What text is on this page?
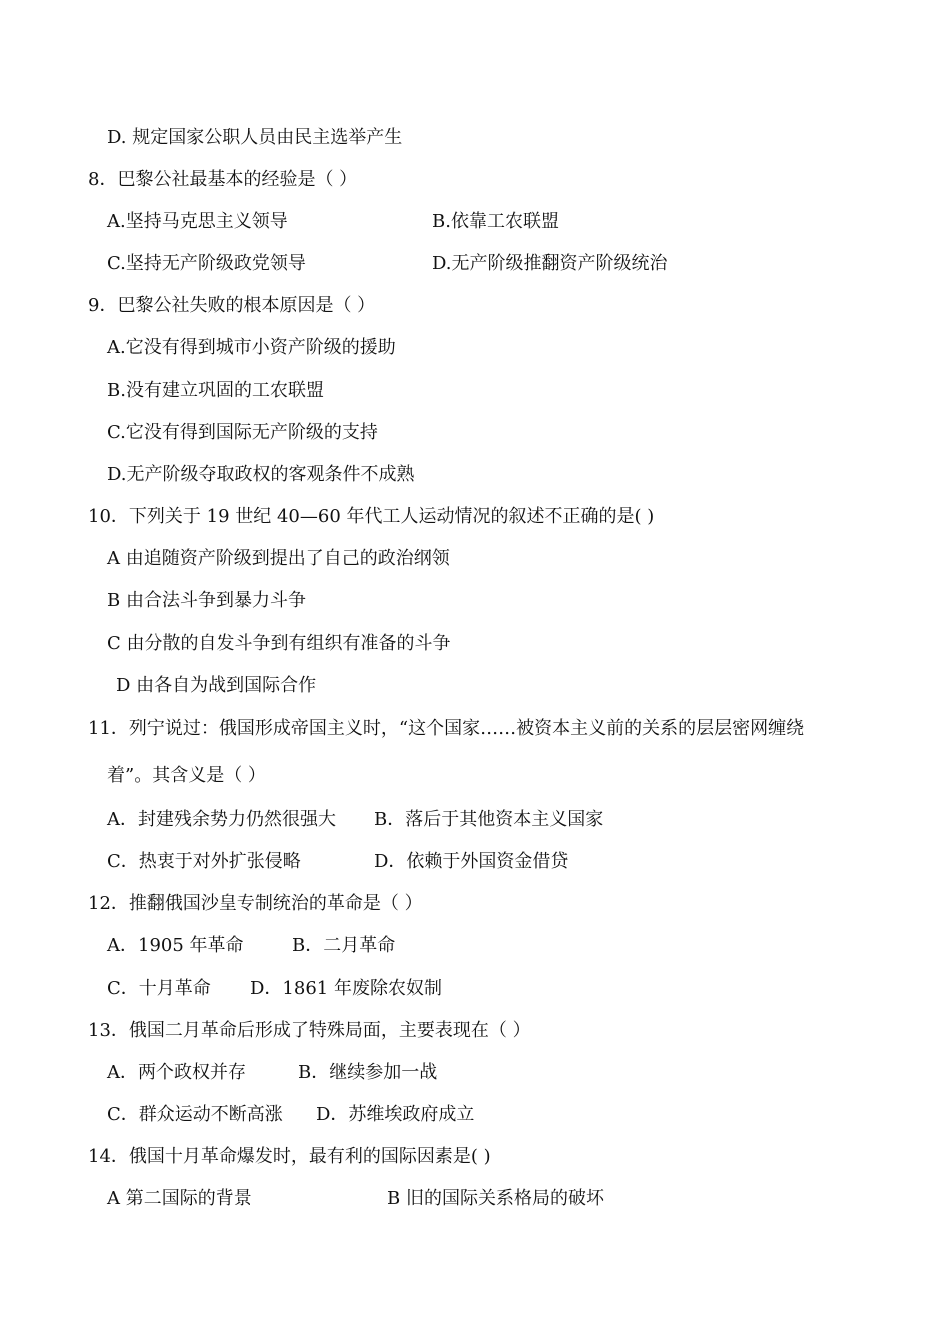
D. 规定国家公职人员由民主选举产生
8．巴黎公社最基本的经验是（ ）
A.坚持马克思主义领导	B.依靠工农联盟
C.坚持无产阶级政党领导	D.无产阶级推翻资产阶级统治
9．巴黎公社失败的根本原因是（ ）
A.它没有得到城市小资产阶级的援助
B.没有建立巩固的工农联盟
C.它没有得到国际无产阶级的支持
D.无产阶级夺取政权的客观条件不成熟
10．下列关于 19 世纪 40—60 年代工人运动情况的叙述不正确的是( )
A 由追随资产阶级到提出了自己的政治纲领
B 由合法斗争到暴力斗争
C 由分散的自发斗争到有组织有准备的斗争
D 由各自为战到国际合作
11．列宁说过：俄国形成帝国主义时，“这个国家……被资本主义前的关系的层层密网缠绕
着”。其含义是（ ）
A．封建残余势力仍然很强大 B．落后于其他资本主义国家
C．热衷于对外扩张侵略	D．依赖于外国资金借贷
12．推翻俄国沙皇专制统治的革命是（ ）
A．1905 年革命	B．二月革命
C．十月革命 D．1861 年废除农奴制
13．俄国二月革命后形成了特殊局面，主要表现在（ ）
A．两个政权并存	B．继续参加一战
C．群众运动不断高涨 D．苏维埃政府成立
14．俄国十月革命爆发时，最有利的国际因素是( )
A 第二国际的背景	B 旧的国际关系格局的破坏
